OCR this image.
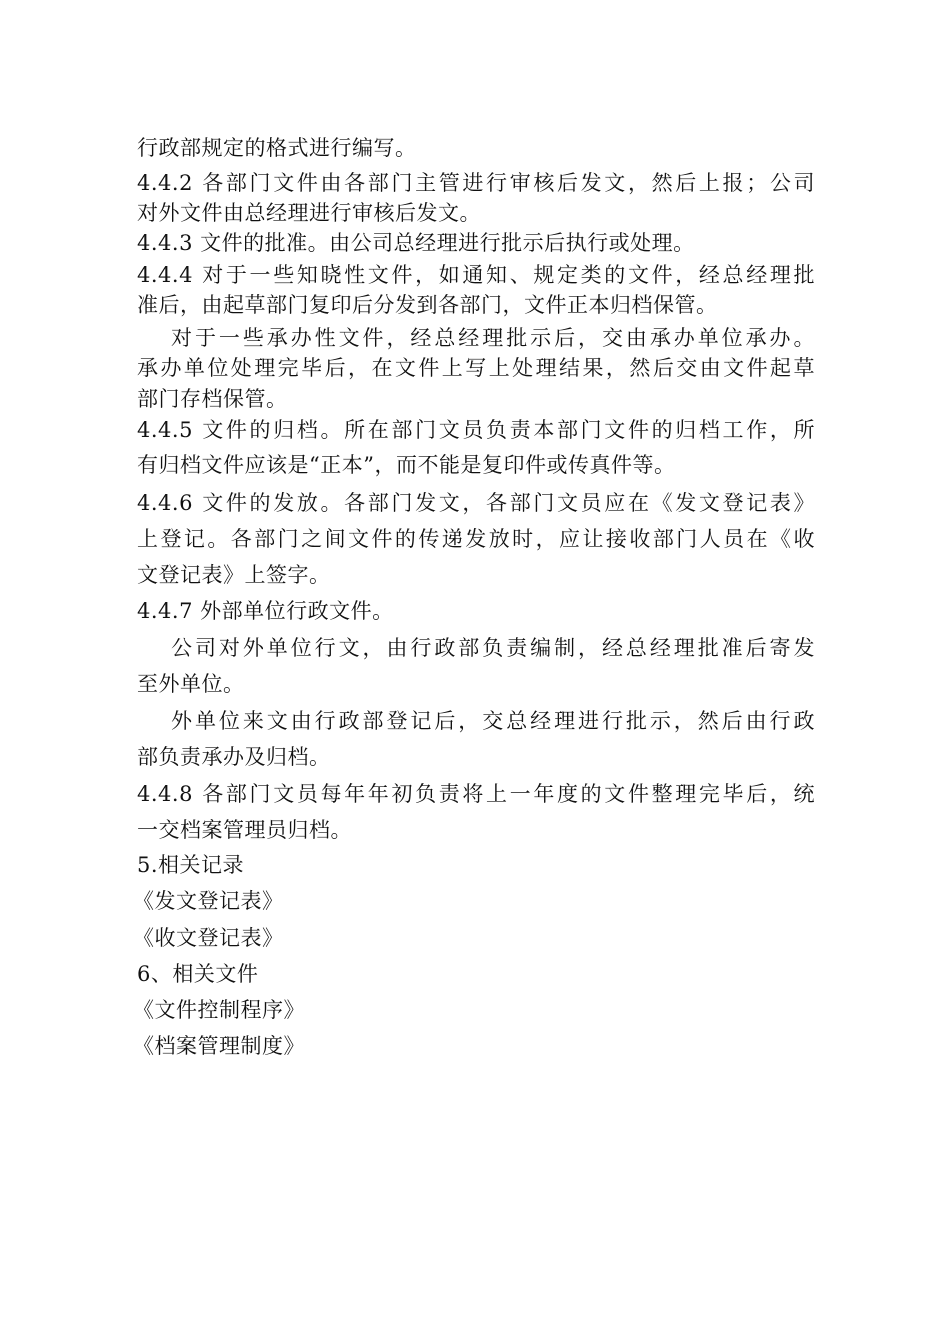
行政部规定的格式进行编写。
4.4.2 各部门文件由各部门主管进行审核后发文，然后上报；公司
对外文件由总经理进行审核后发文。
4.4.3 文件的批准。由公司总经理进行批示后执行或处理。
4.4.4 对于一些知晓性文件，如通知、规定类的文件，经总经理批
准后，由起草部门复印后分发到各部门，文件正本归档保管。
对于一些承办性文件，经总经理批示后，交由承办单位承办。
承办单位处理完毕后，在文件上写上处理结果，然后交由文件起草
部门存档保管。
4.4.5 文件的归档。所在部门文员负责本部门文件的归档工作，所
有归档文件应该是“正本”，而不能是复印件或传真件等。
4.4.6 文件的发放。各部门发文，各部门文员应在《发文登记表》
上登记。各部门之间文件的传递发放时，应让接收部门人员在《收
文登记表》上签字。
4.4.7 外部单位行政文件。
公司对外单位行文，由行政部负责编制，经总经理批准后寄发
至外单位。
外单位来文由行政部登记后，交总经理进行批示，然后由行政
部负责承办及归档。
4.4.8 各部门文员每年年初负责将上一年度的文件整理完毕后，统
一交档案管理员归档。
5.相关记录
《发文登记表》
《收文登记表》
6、相关文件
《文件控制程序》
《档案管理制度》
